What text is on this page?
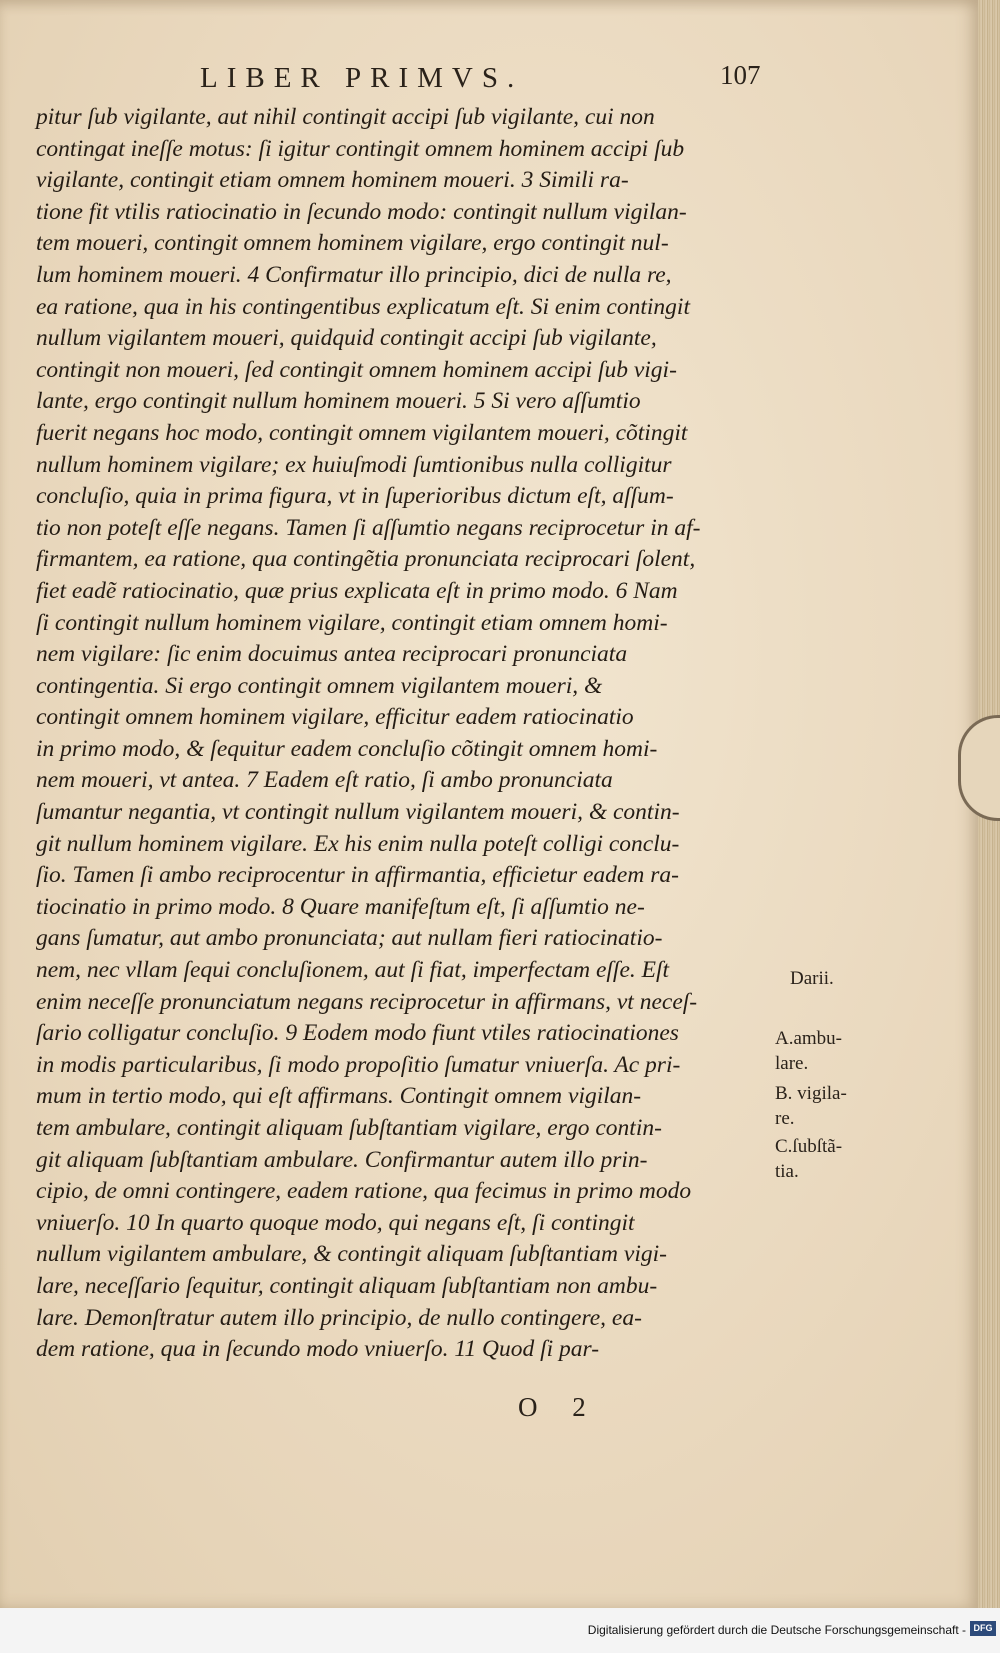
LIBER PRIMVS.	107
pitur ſub vigilante, aut nihil contingit accipi ſub vigilante, cui non
contingat ineſſe motus: ſi igitur contingit omnem hominem accipi ſub
vigilante, contingit etiam omnem hominem moueri. 3 Simili ra-
tione fit vtilis ratiocinatio in ſecundo modo: contingit nullum vigilan-
tem moueri, contingit omnem hominem vigilare, ergo contingit nul-
lum hominem moueri. 4 Confirmatur illo principio, dici de nulla re,
ea ratione, qua in his contingentibus explicatum eſt. Si enim contingit
nullum vigilantem moueri, quidquid contingit accipi ſub vigilante,
contingit non moueri, ſed contingit omnem hominem accipi ſub vigi-
lante, ergo contingit nullum hominem moueri. 5 Si vero aſſumtio
fuerit negans hoc modo, contingit omnem vigilantem moueri, cõtingit
nullum hominem vigilare; ex huiuſmodi ſumtionibus nulla colligitur
concluſio, quia in prima figura, vt in ſuperioribus dictum eſt, aſſum-
tio non poteſt eſſe negans. Tamen ſi aſſumtio negans reciprocetur in af-
firmantem, ea ratione, qua contingẽtia pronunciata reciprocari ſolent,
fiet eadẽ ratiocinatio, quæ prius explicata eſt in primo modo. 6 Nam
ſi contingit nullum hominem vigilare, contingit etiam omnem homi-
nem vigilare: ſic enim docuimus antea reciprocari pronunciata
contingentia. Si ergo contingit omnem vigilantem moueri, &
contingit omnem hominem vigilare, efficitur eadem ratiocinatio
in primo modo, & ſequitur eadem concluſio cõtingit omnem homi-
nem moueri, vt antea. 7 Eadem eſt ratio, ſi ambo pronunciata
ſumantur negantia, vt contingit nullum vigilantem moueri, & contin-
git nullum hominem vigilare. Ex his enim nulla poteſt colligi conclu-
ſio. Tamen ſi ambo reciprocentur in affirmantia, efficietur eadem ra-
tiocinatio in primo modo. 8 Quare manifeſtum eſt, ſi aſſumtio ne-
gans ſumatur, aut ambo pronunciata; aut nullam fieri ratiocinatio-
nem, nec vllam ſequi concluſionem, aut ſi fiat, imperfectam eſſe. Eſt
enim neceſſe pronunciatum negans reciprocetur in affirmans, vt neceſ-
ſario colligatur concluſio. 9 Eodem modo fiunt vtiles ratiocinationes
in modis particularibus, ſi modo propoſitio ſumatur vniuerſa. Ac pri-
mum in tertio modo, qui eſt affirmans. Contingit omnem vigilan-
tem ambulare, contingit aliquam ſubſtantiam vigilare, ergo contin-
git aliquam ſubſtantiam ambulare. Confirmantur autem illo prin-
cipio, de omni contingere, eadem ratione, qua fecimus in primo modo
vniuerſo. 10 In quarto quoque modo, qui negans eſt, ſi contingit
nullum vigilantem ambulare, & contingit aliquam ſubſtantiam vigi-
lare, neceſſario ſequitur, contingit aliquam ſubſtantiam non ambu-
lare. Demonſtratur autem illo principio, de nullo contingere, ea-
dem ratione, qua in ſecundo modo vniuerſo. 11 Quod ſi par-
O 2
Darii.
A.ambu-
lare.
B. vigila-
re.
C.ſubſtã-
tia.
Digitalisierung gefördert durch die Deutsche Forschungsgemeinschaft - DFG
